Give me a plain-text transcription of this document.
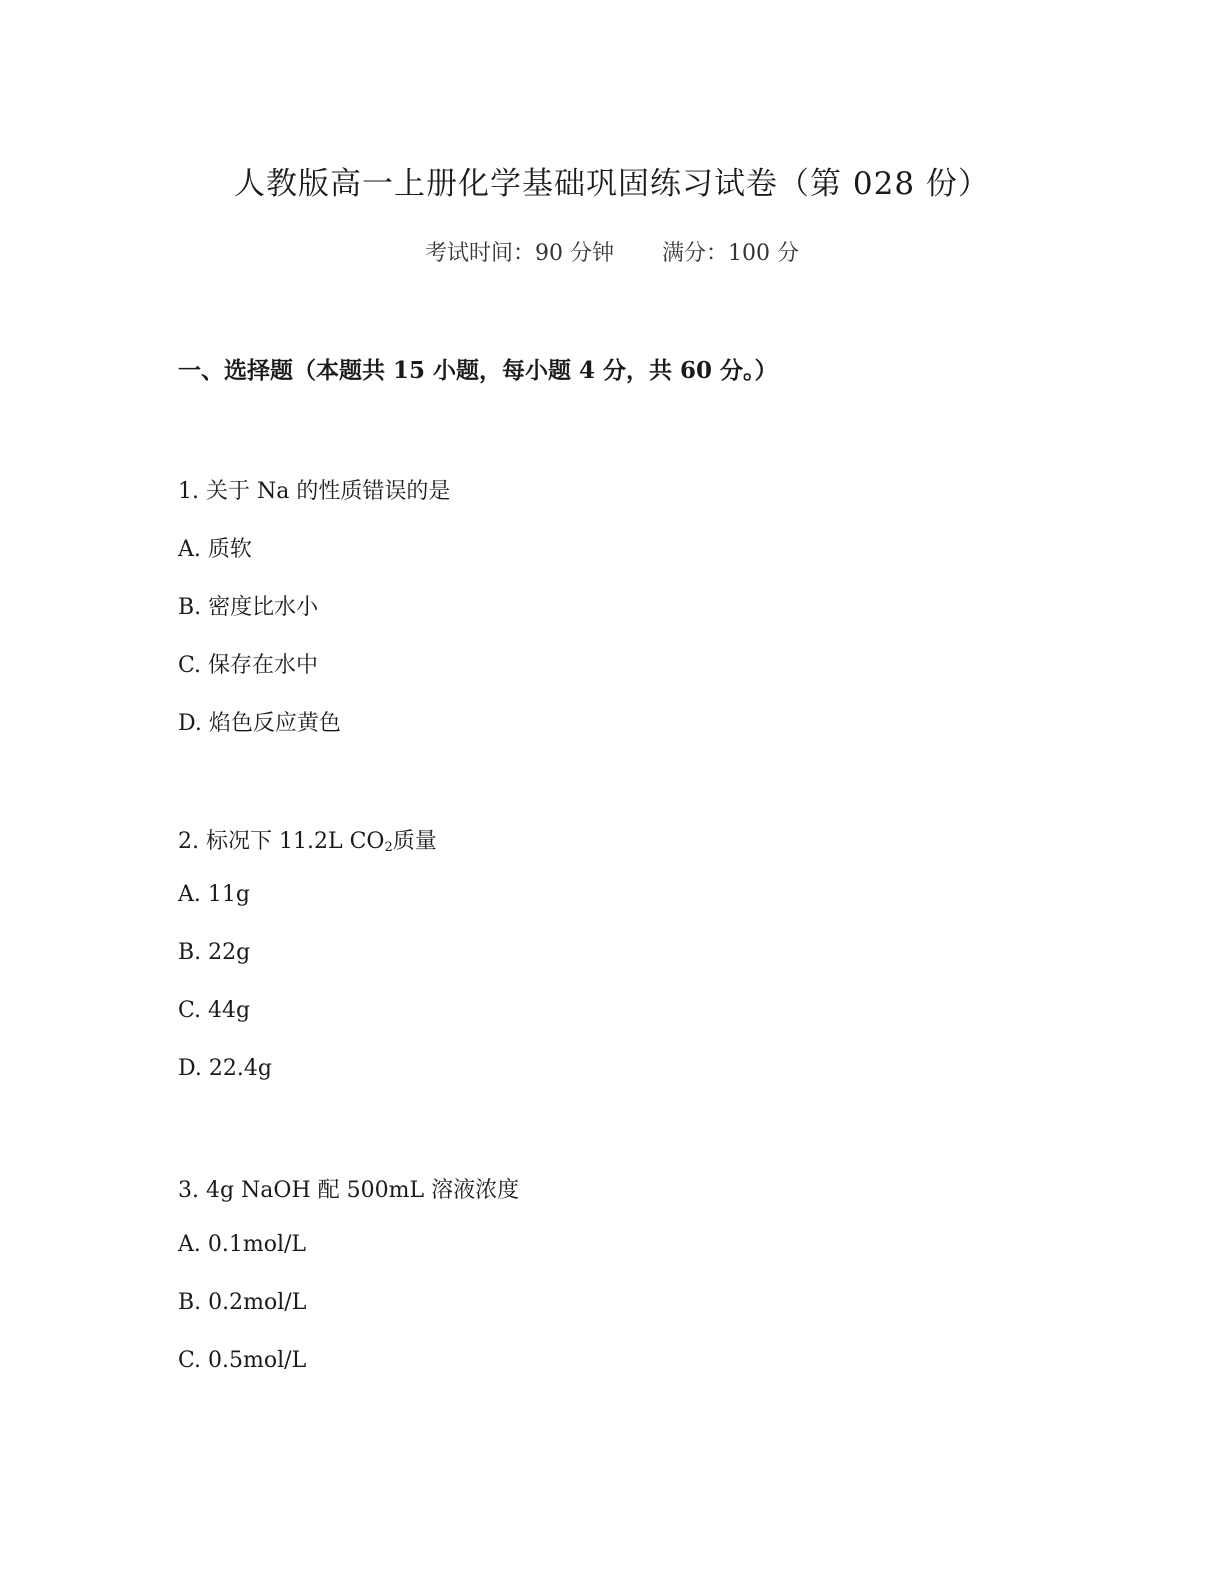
人教版高一上册化学基础巩固练习试卷（第 028 份）
考试时间：90 分钟 满分：100 分
一、选择题（本题共 15 小题，每小题 4 分，共 60 分。）
1. 关于 Na 的性质错误的是
A. 质软
B. 密度比水小
C. 保存在水中
D. 焰色反应黄色
2. 标况下 11.2L $CO_2$质量
A. 11g
B. 22g
C. 44g
D. 22.4g
3. 4g NaOH 配 500mL 溶液浓度
A. 0.1mol/L
B. 0.2mol/L
C. 0.5mol/L
